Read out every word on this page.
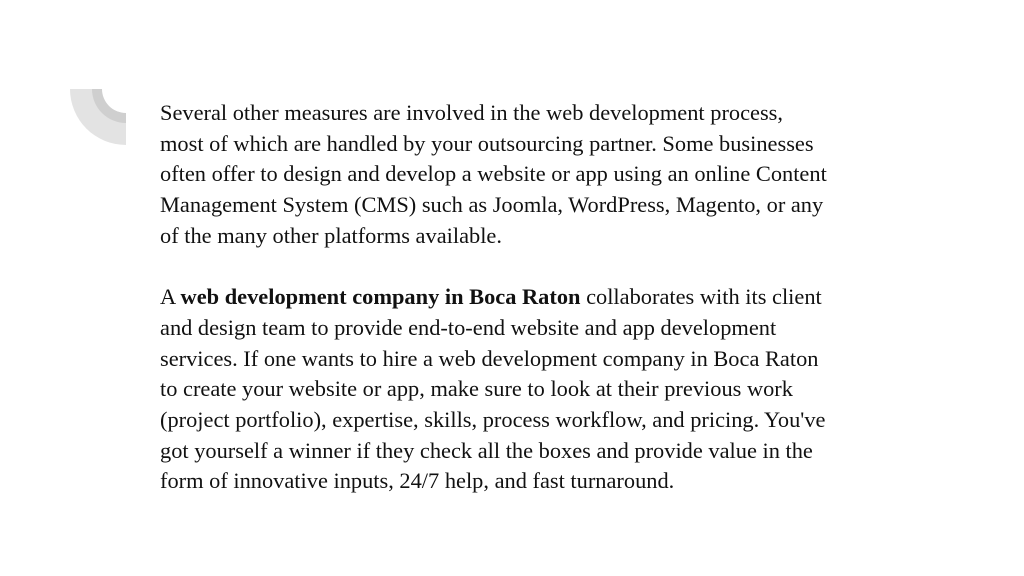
Several other measures are involved in the web development process,
most of which are handled by your outsourcing partner. Some businesses
often offer to design and develop a website or app using an online Content
Management System (CMS) such as Joomla, WordPress, Magento, or any
of the many other platforms available.

A web development company in Boca Raton collaborates with its client
and design team to provide end-to-end website and app development
services. If one wants to hire a web development company in Boca Raton
to create your website or app, make sure to look at their previous work
(project portfolio), expertise, skills, process workflow, and pricing. You've
got yourself a winner if they check all the boxes and provide value in the
form of innovative inputs, 24/7 help, and fast turnaround.
